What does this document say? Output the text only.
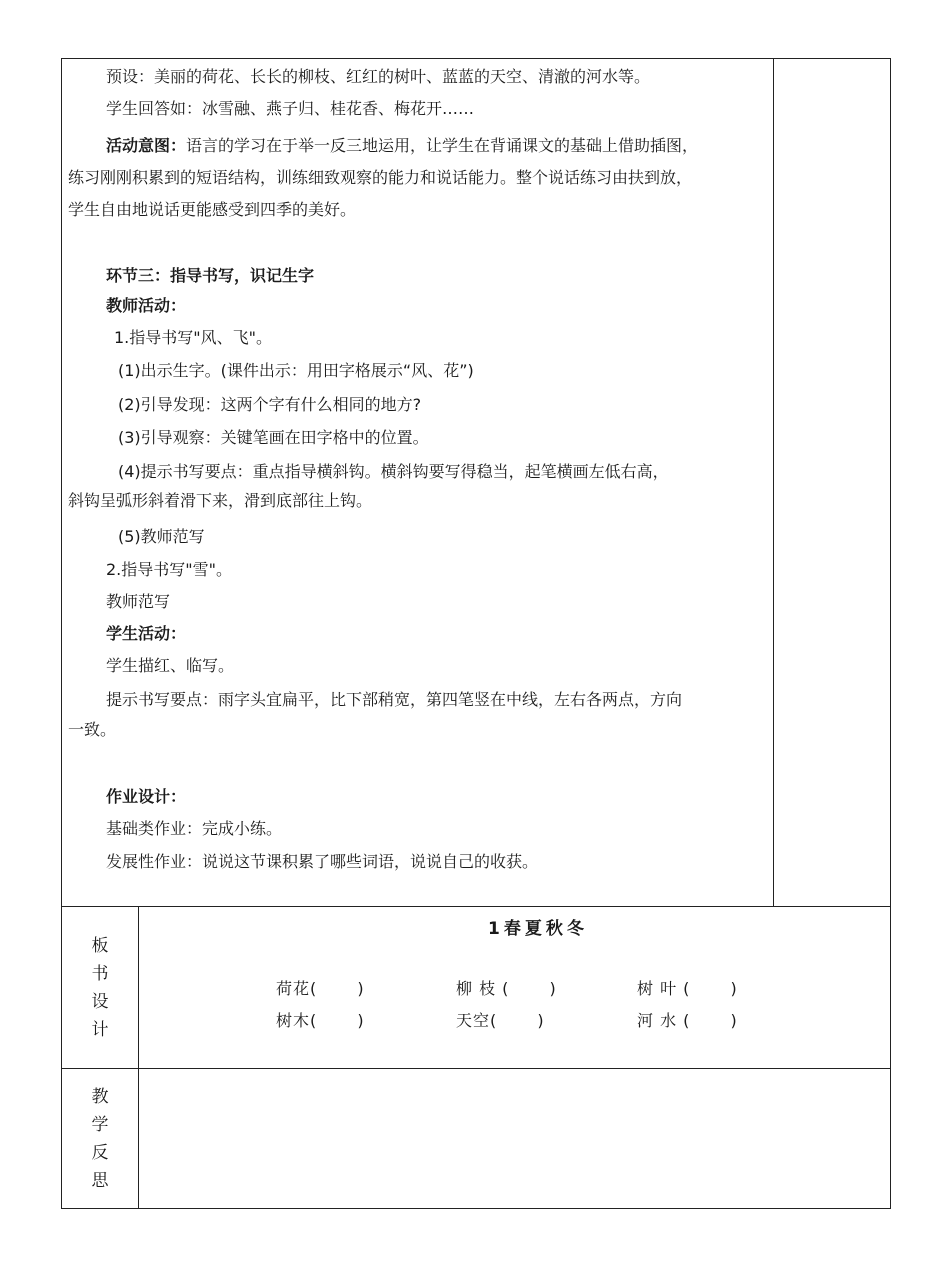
预设：美丽的荷花、长长的柳枝、红红的树叶、蓝蓝的天空、清澈的河水等。
学生回答如：冰雪融、燕子归、桂花香、梅花开……
活动意图：语言的学习在于举一反三地运用，让学生在背诵课文的基础上借助插图，
练习刚刚积累到的短语结构，训练细致观察的能力和说话能力。整个说话练习由扶到放，
学生自由地说话更能感受到四季的美好。
环节三：指导书写，识记生字
教师活动：
1.指导书写"风、飞"。
(1)出示生字。(课件出示：用田字格展示“风、花”)
(2)引导发现：这两个字有什么相同的地方?
(3)引导观察：关键笔画在田字格中的位置。
(4)提示书写要点：重点指导横斜钩。横斜钩要写得稳当，起笔横画左低右高，
斜钩呈弧形斜着滑下来，滑到底部往上钩。
(5)教师范写
2.指导书写"雪"。
教师范写
学生活动：
学生描红、临写。
提示书写要点：雨字头宜扁平，比下部稍宽，第四笔竖在中线，左右各两点，方向
一致。
作业设计：
基础类作业：完成小练。
发展性作业：说说这节课积累了哪些词语，说说自己的收获。
板
书
设
计
1春夏秋冬
荷花(　　 )	柳 枝 (　　 )	树 叶 (　　 )
树木(　　 )	天空(　　 )	河 水 (　　 )
教
学
反
思
